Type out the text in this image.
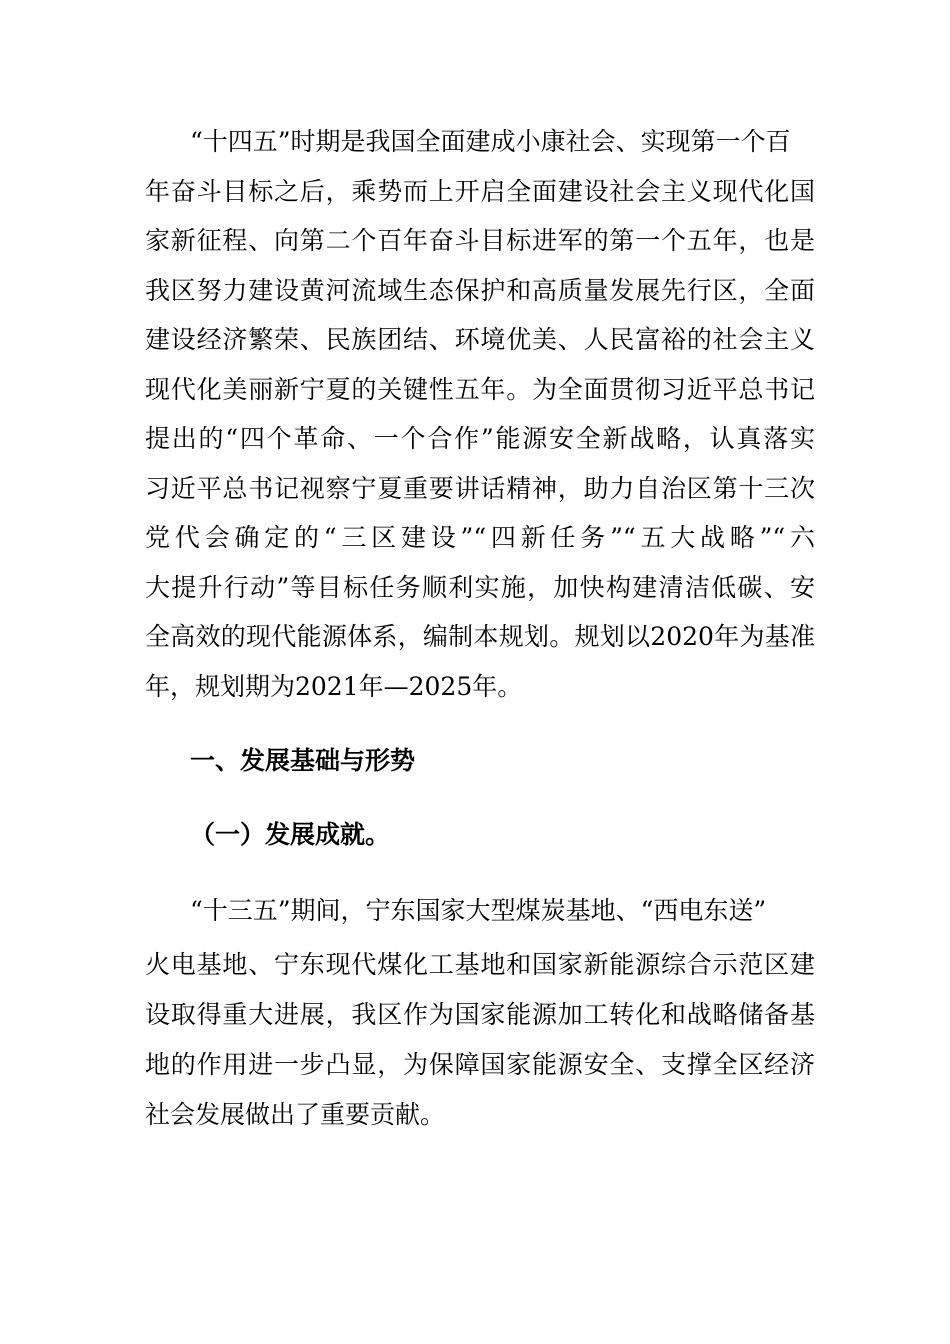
“十四五”时期是我国全面建成小康社会、实现第一个百
年奋斗目标之后，乘势而上开启全面建设社会主义现代化国
家新征程、向第二个百年奋斗目标进军的第一个五年，也是
我区努力建设黄河流域生态保护和高质量发展先行区，全面
建设经济繁荣、民族团结、环境优美、人民富裕的社会主义
现代化美丽新宁夏的关键性五年。为全面贯彻习近平总书记
提出的“四个革命、一个合作”能源安全新战略，认真落实
习近平总书记视察宁夏重要讲话精神，助力自治区第十三次
党代会确定的“三区建设”“四新任务”“五大战略”“六
大提升行动”等目标任务顺利实施，加快构建清洁低碳、安
全高效的现代能源体系，编制本规划。规划以2020年为基准
年，规划期为2021年—2025年。
一、发展基础与形势
（一）发展成就。
“十三五”期间，宁东国家大型煤炭基地、“西电东送”
火电基地、宁东现代煤化工基地和国家新能源综合示范区建
设取得重大进展，我区作为国家能源加工转化和战略储备基
地的作用进一步凸显，为保障国家能源安全、支撑全区经济
社会发展做出了重要贡献。
